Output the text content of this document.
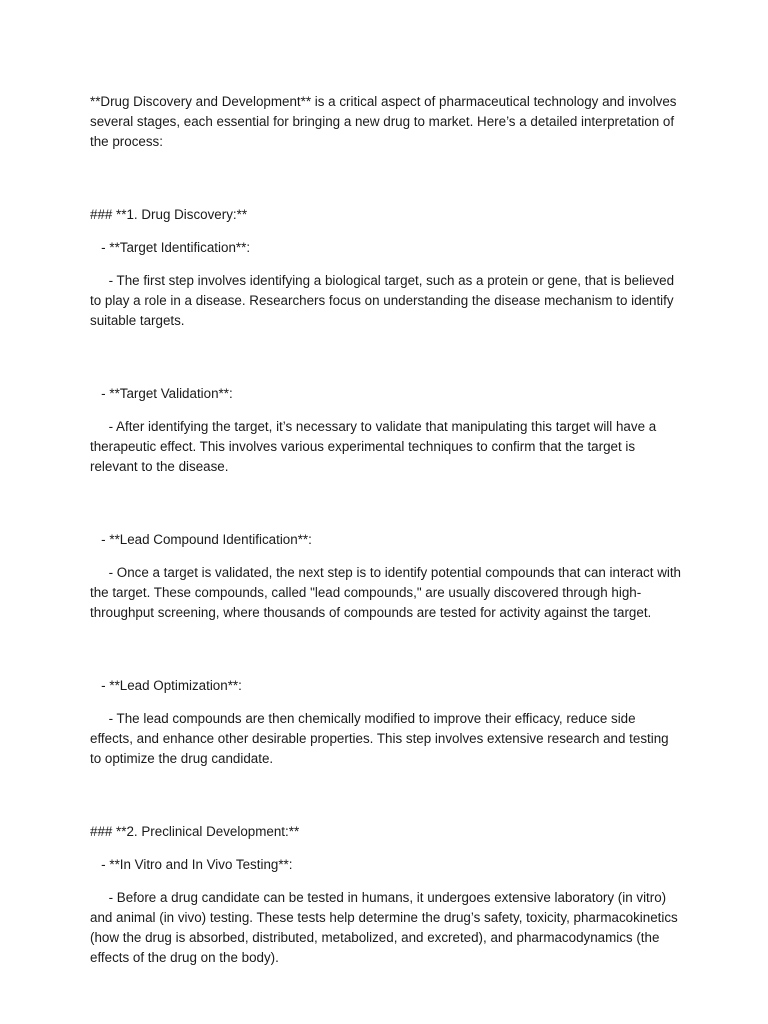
**Drug Discovery and Development** is a critical aspect of pharmaceutical technology and involves several stages, each essential for bringing a new drug to market. Here’s a detailed interpretation of the process:

### **1. Drug Discovery:**

- **Target Identification**:

- The first step involves identifying a biological target, such as a protein or gene, that is believed to play a role in a disease. Researchers focus on understanding the disease mechanism to identify suitable targets.

- **Target Validation**:

- After identifying the target, it’s necessary to validate that manipulating this target will have a therapeutic effect. This involves various experimental techniques to confirm that the target is relevant to the disease.

- **Lead Compound Identification**:

- Once a target is validated, the next step is to identify potential compounds that can interact with the target. These compounds, called "lead compounds," are usually discovered through high-throughput screening, where thousands of compounds are tested for activity against the target.

- **Lead Optimization**:

- The lead compounds are then chemically modified to improve their efficacy, reduce side effects, and enhance other desirable properties. This step involves extensive research and testing to optimize the drug candidate.

### **2. Preclinical Development:**

- **In Vitro and In Vivo Testing**:

- Before a drug candidate can be tested in humans, it undergoes extensive laboratory (in vitro) and animal (in vivo) testing. These tests help determine the drug’s safety, toxicity, pharmacokinetics (how the drug is absorbed, distributed, metabolized, and excreted), and pharmacodynamics (the effects of the drug on the body).
